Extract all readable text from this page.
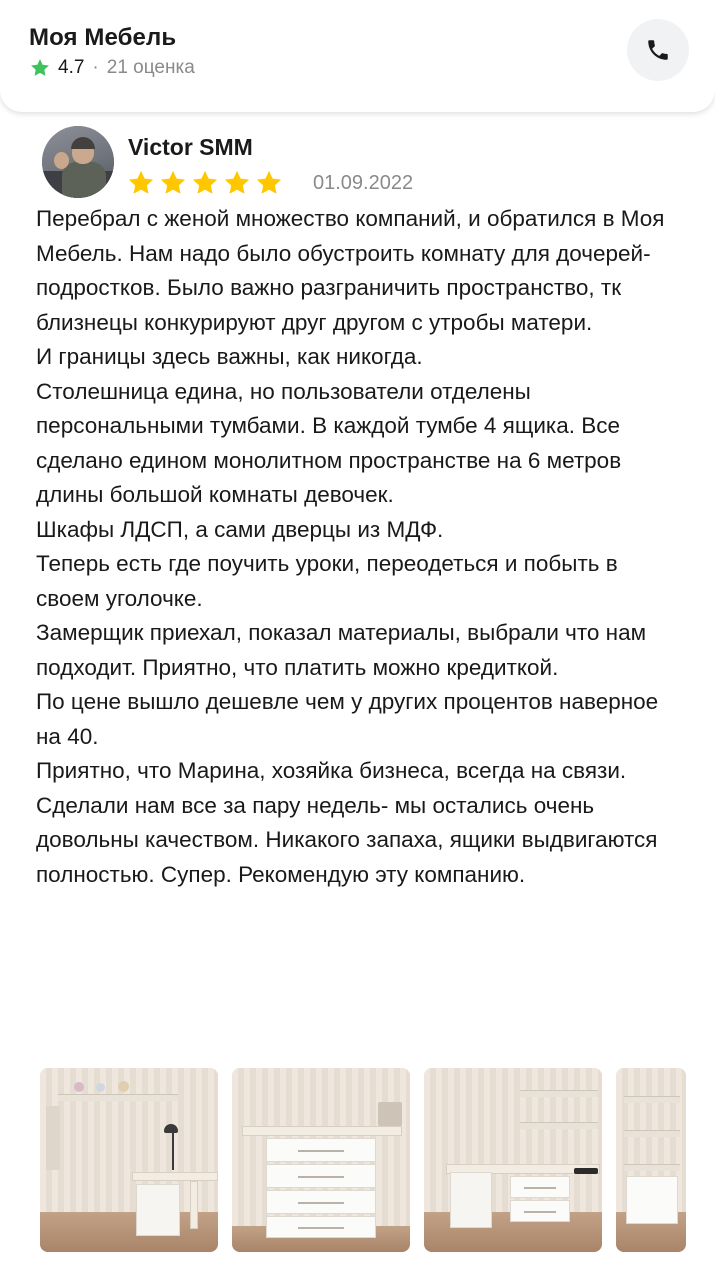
Моя Мебель
4.7 · 21 оценка
Victor SMM
01.09.2022

Перебрал с женой множество компаний, и обратился в Моя Мебель. Нам надо было обустроить комнату для дочерей-подростков. Было важно разграничить пространство, тк близнецы конкурируют друг другом с утробы матери.

И границы здесь важны, как никогда.

Столешница едина, но пользователи отделены персональными тумбами. В каждой тумбе 4 ящика. Все сделано едином монолитном пространстве на 6 метров длины большой комнаты девочек.

Шкафы ЛДСП, а сами дверцы из МДФ.

Теперь есть где поучить уроки, переодеться и побыть в своем уголочке.

Замерщик приехал, показал материалы, выбрали что нам подходит. Приятно, что платить можно кредиткой.

По цене вышло дешевле чем у других процентов наверное на 40.

Приятно, что Марина, хозяйка бизнеса, всегда на связи. Сделали нам все за пару недель- мы остались очень довольны качеством. Никакого запаха, ящики выдвигаются полностью. Супер. Рекомендую эту компанию.
